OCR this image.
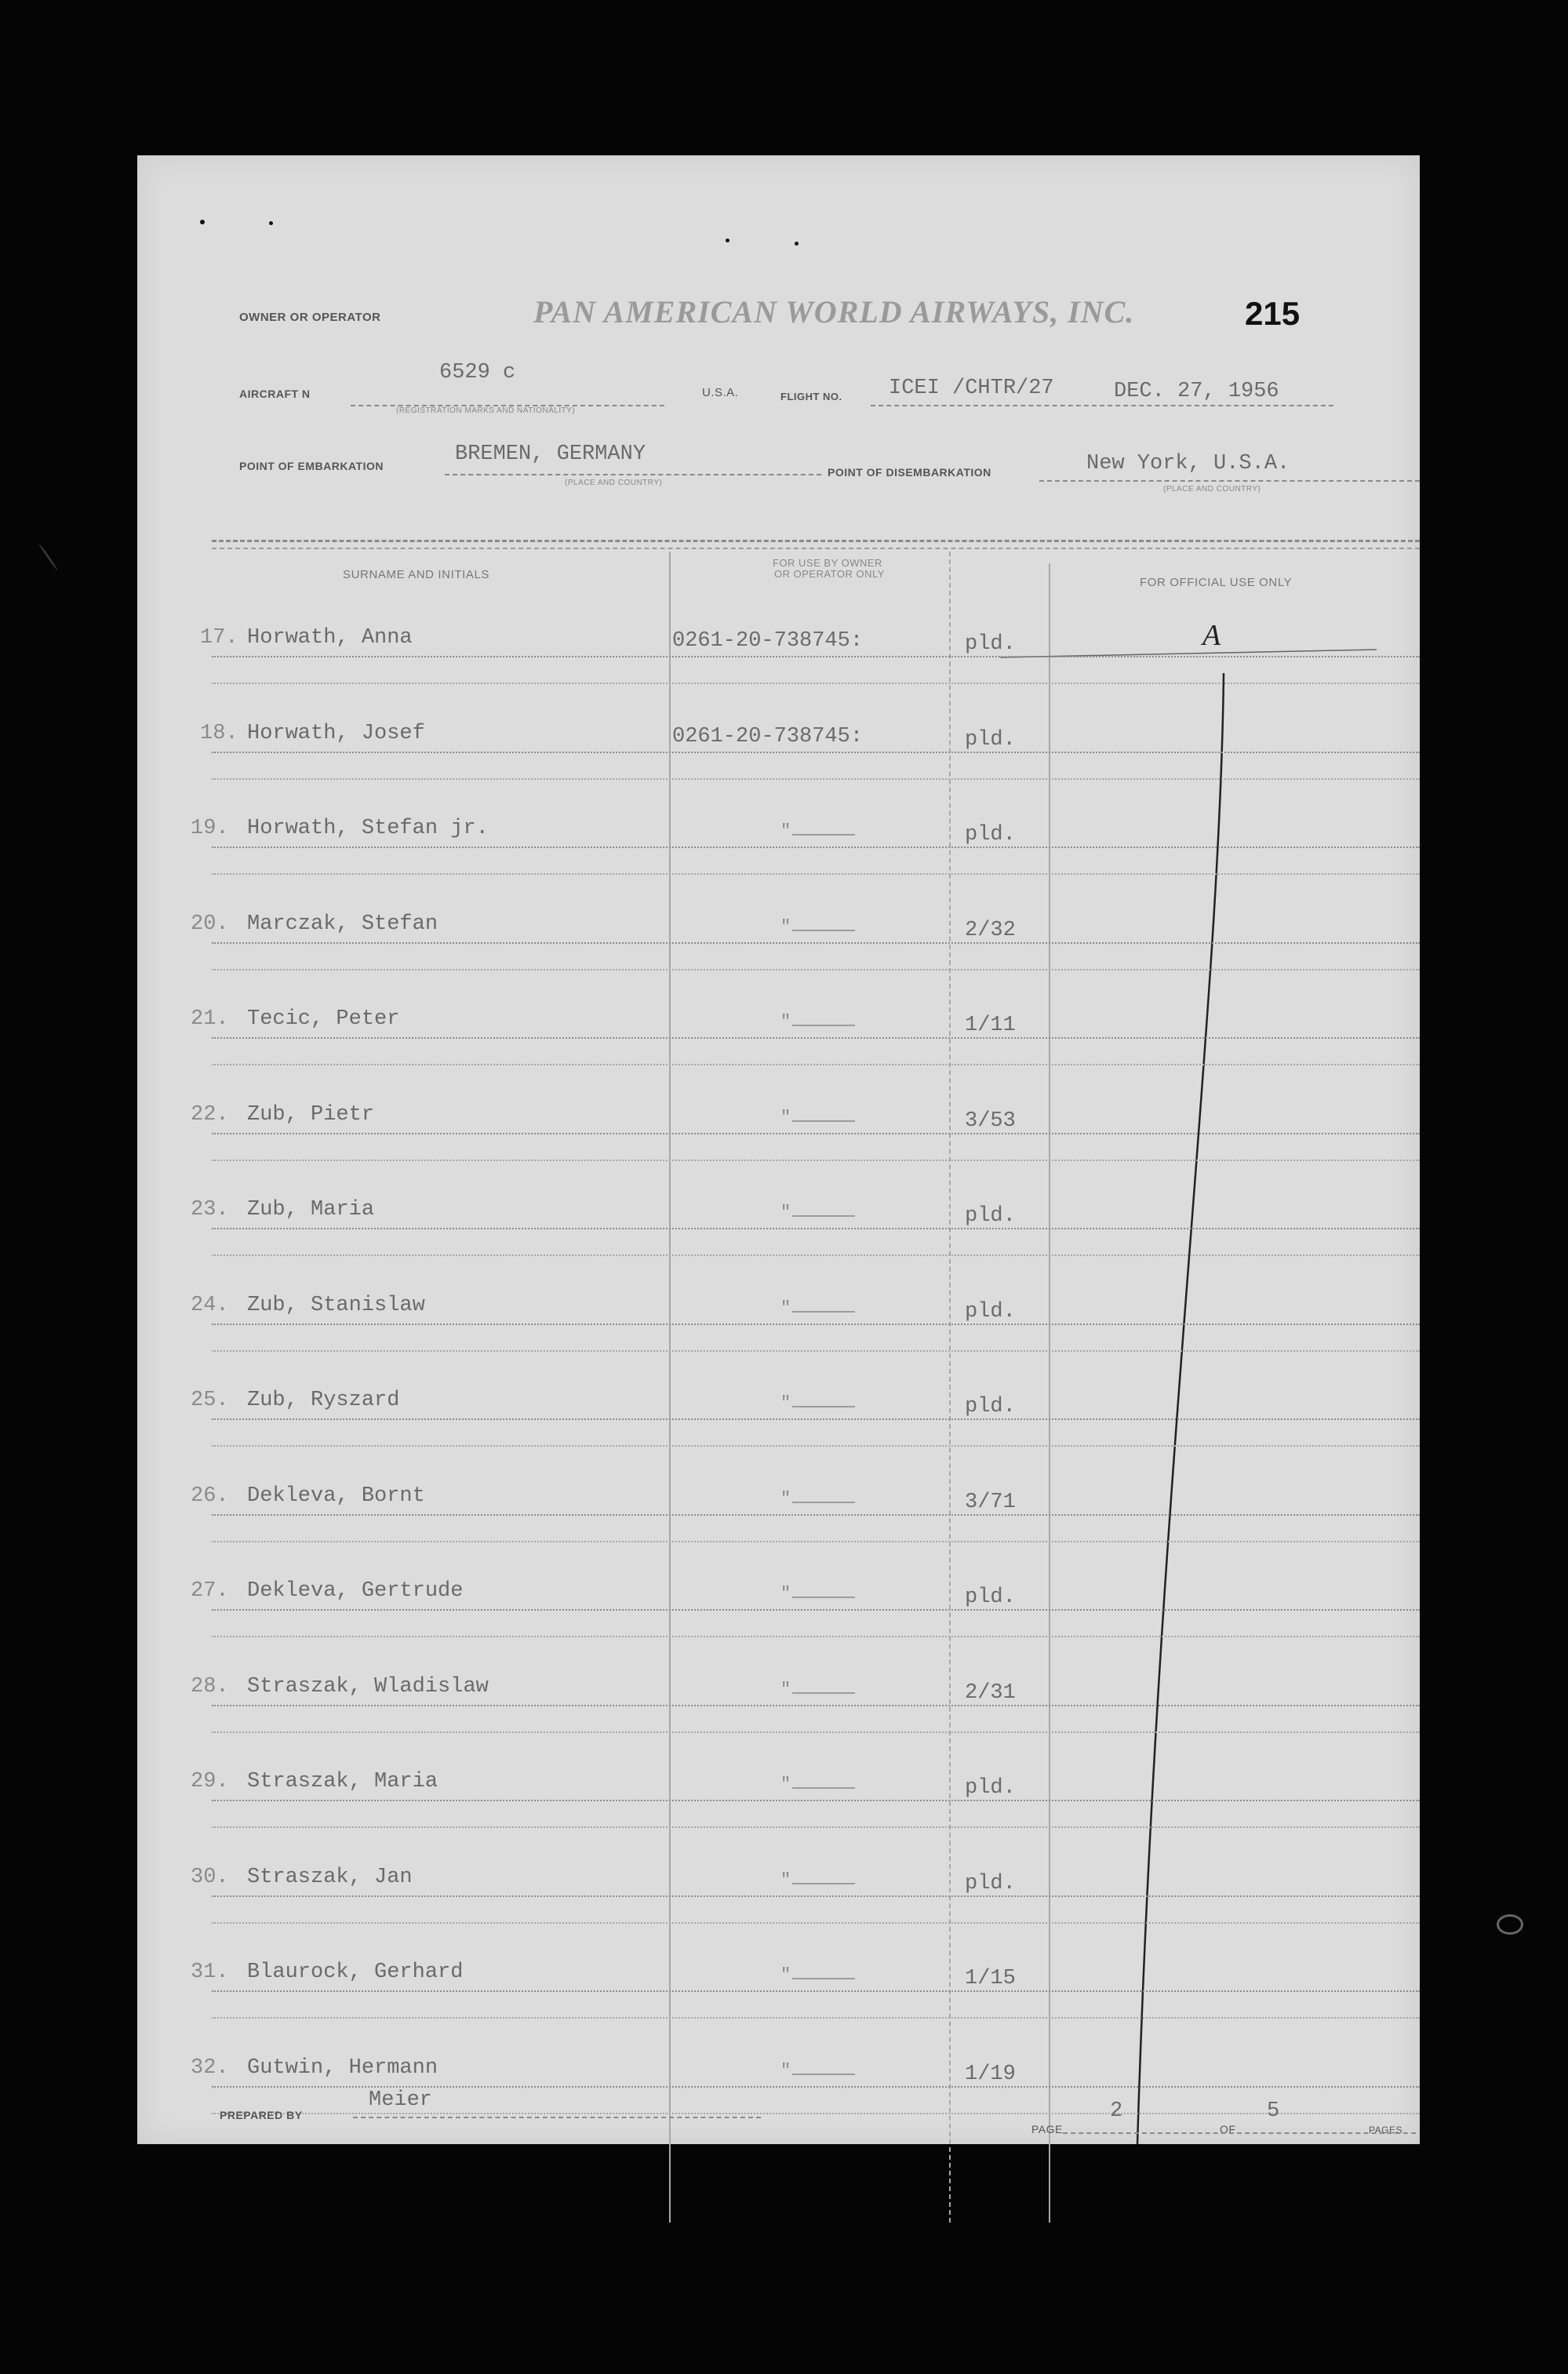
OWNER OR OPERATOR	PAN AMERICAN WORLD AIRWAYS, INC.	215
AIRCRAFT N
6529 c
(REGISTRATION MARKS AND NATIONALITY)
U.S.A.	FLIGHT NO. ICEI /CHTR/27	DEC. 27, 1956
POINT OF EMBARKATION	BREMEN, GERMANY
(PLACE AND COUNTRY)
POINT OF DISEMBARKATION	New York, U.S.A.
(PLACE AND COUNTRY)
SURNAME AND INITIALS
FOR USE BY OWNER
OR OPERATOR ONLY
FOR OFFICIAL USE ONLY
A
17. Horwath, Anna	0261-20-738745:	pld.
18. Horwath, Josef	0261-20-738745:	pld.
19. Horwath, Stefan jr.	"	pld.
20. Marczak, Stefan	"	2/32
21. Tecic, Peter	"	1/11
22. Zub, Pietr	"	3/53
23. Zub, Maria	"	pld.
24. Zub, Stanislaw	"	pld.
25. Zub, Ryszard	"	pld.
26. Dekleva, Bornt	"	3/71
27. Dekleva, Gertrude	"	pld.
28. Straszak, Wladislaw	"	2/31
29. Straszak, Maria	"	pld.
30. Straszak, Jan	"	pld.
31. Blaurock, Gerhard	"	1/15
32. Gutwin, Hermann	"	1/19
PREPARED BY
Meier
PAGE
2
OF
5
PAGES
